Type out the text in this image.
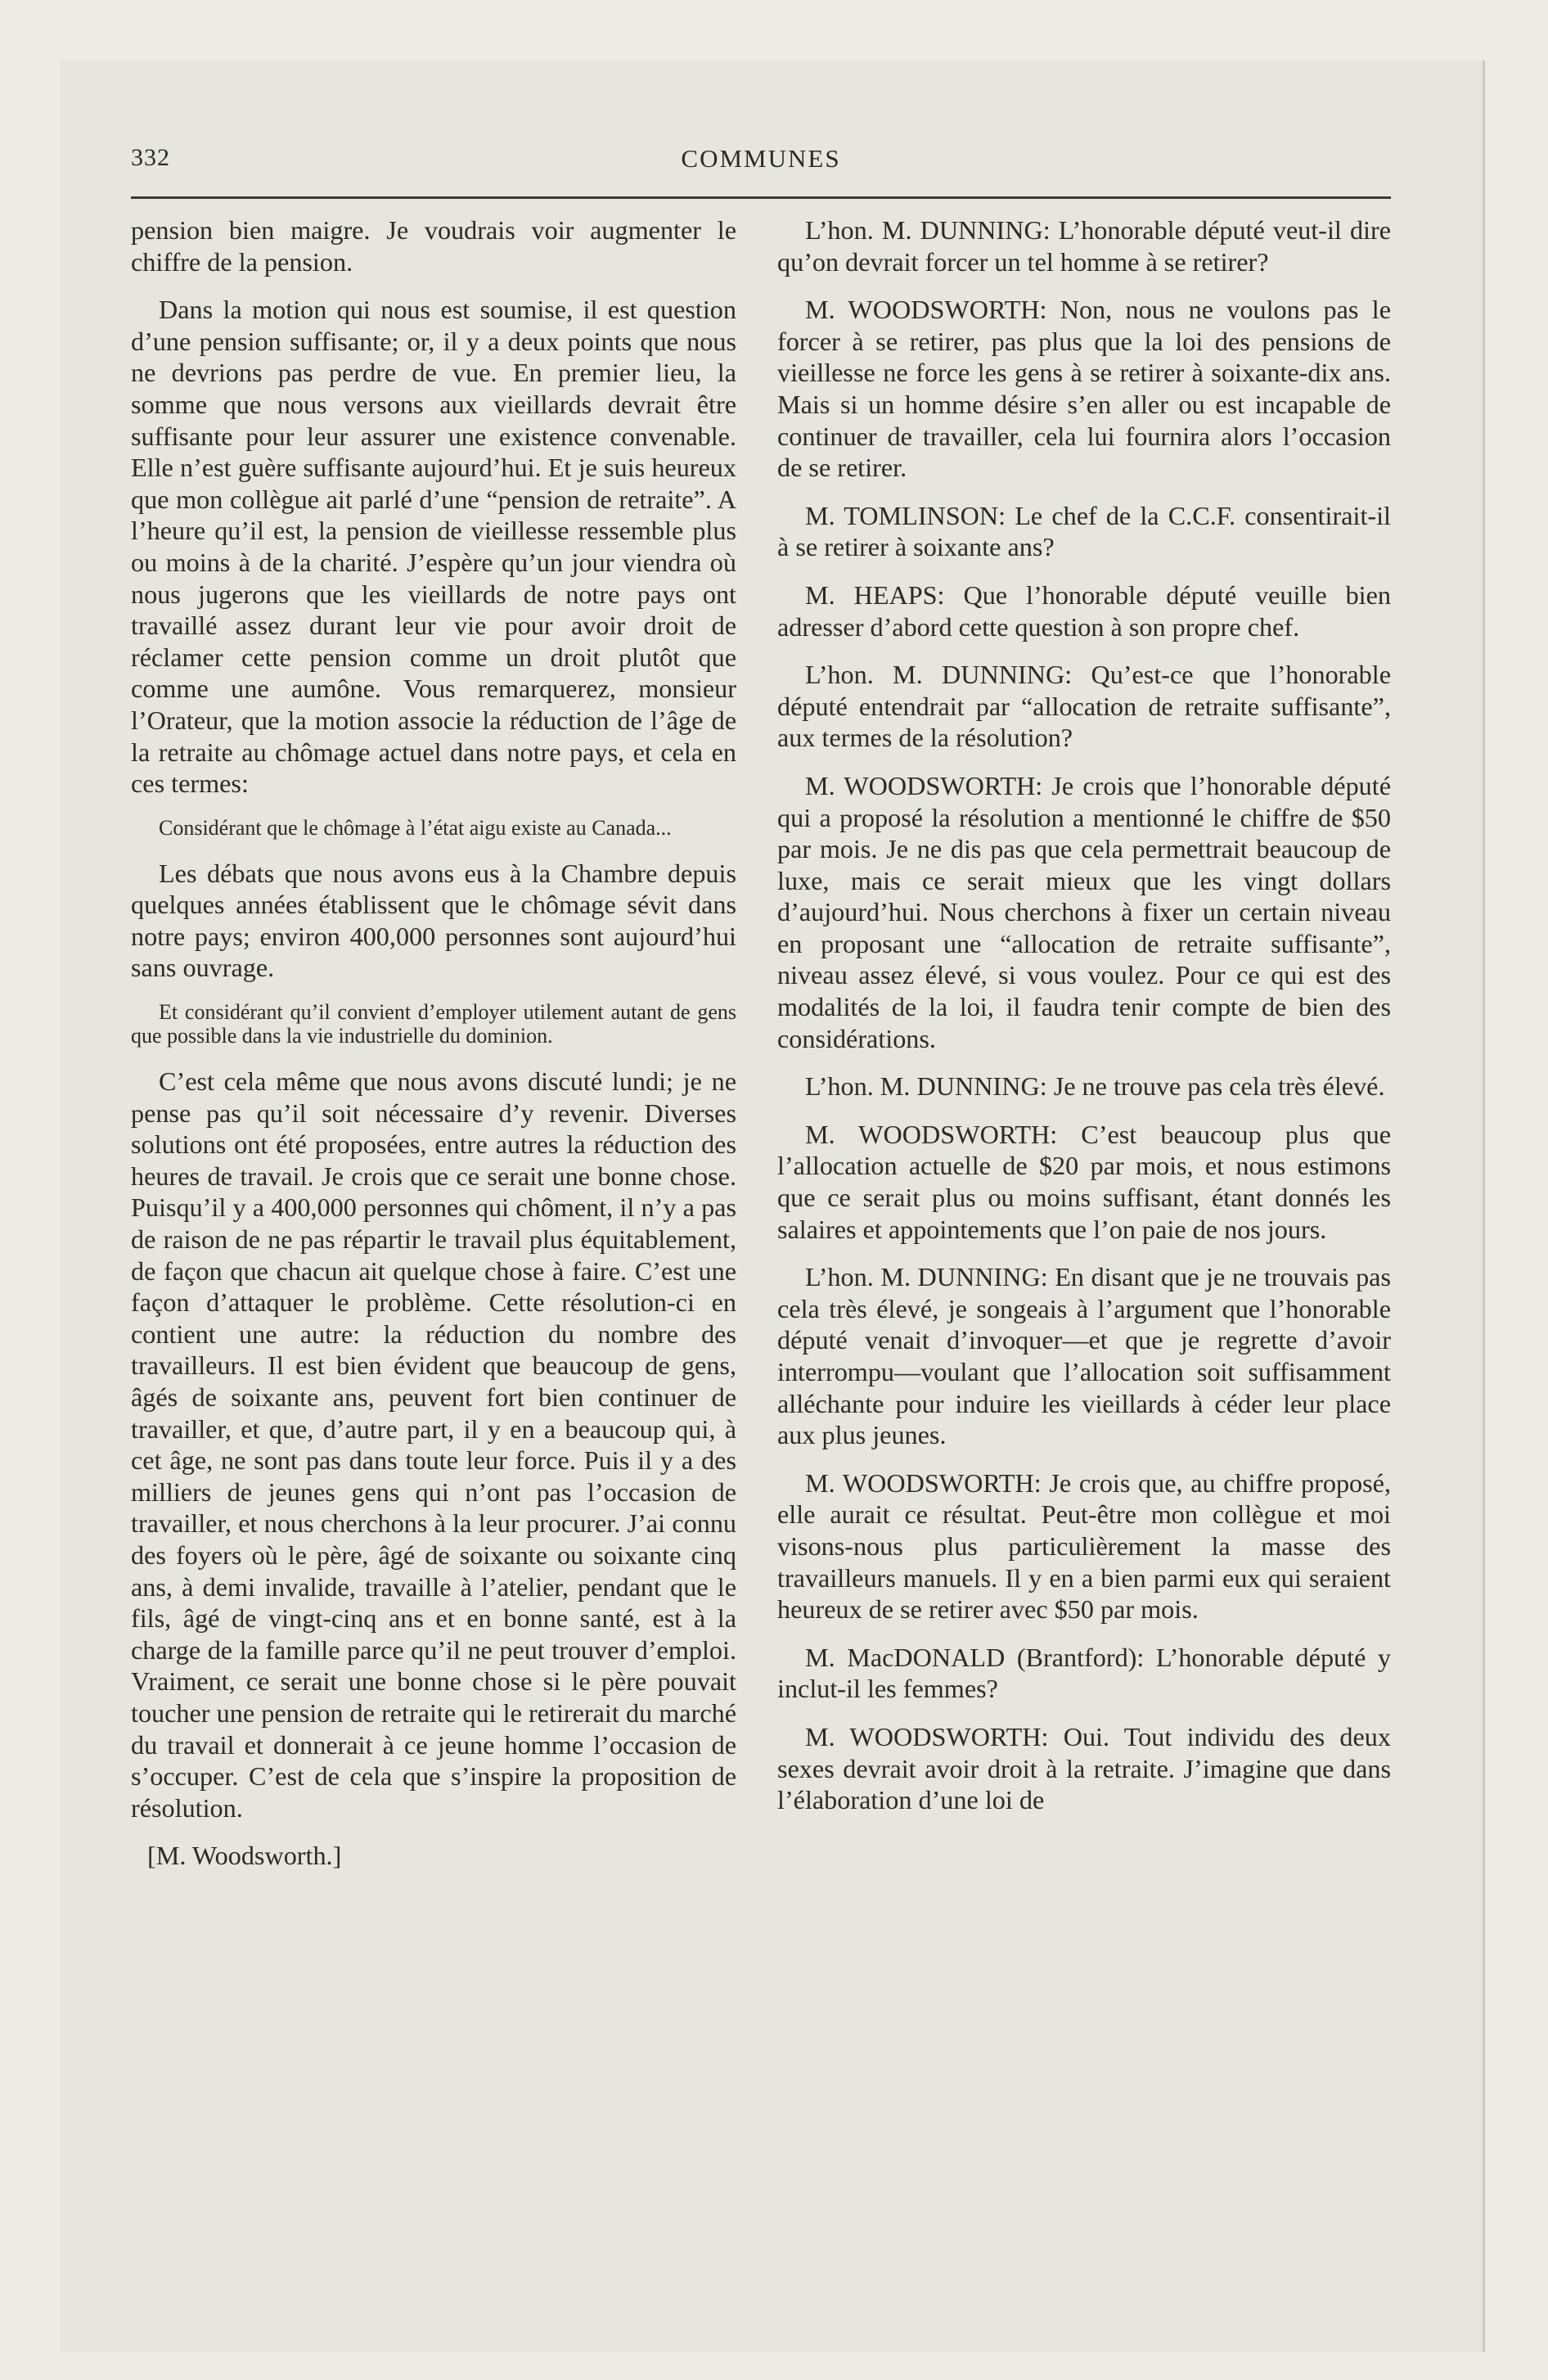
332	COMMUNES

pension bien maigre. Je voudrais voir augmenter le chiffre de la pension.

Dans la motion qui nous est soumise, il est question d’une pension suffisante; or, il y a deux points que nous ne devrions pas perdre de vue. En premier lieu, la somme que nous versons aux vieillards devrait être suffisante pour leur assurer une existence convenable. Elle n’est guère suffisante aujourd’hui. Et je suis heureux que mon collègue ait parlé d’une “pension de retraite”. A l’heure qu’il est, la pension de vieillesse ressemble plus ou moins à de la charité. J’espère qu’un jour viendra où nous jugerons que les vieillards de notre pays ont travaillé assez durant leur vie pour avoir droit de réclamer cette pension comme un droit plutôt que comme une aumône. Vous remarquerez, monsieur l’Orateur, que la motion associe la réduction de l’âge de la retraite au chômage actuel dans notre pays, et cela en ces termes:

Considérant que le chômage à l’état aigu existe au Canada...

Les débats que nous avons eus à la Chambre depuis quelques années établissent que le chômage sévit dans notre pays; environ 400,000 personnes sont aujourd’hui sans ouvrage.

Et considérant qu’il convient d’employer utilement autant de gens que possible dans la vie industrielle du dominion.

C’est cela même que nous avons discuté lundi; je ne pense pas qu’il soit nécessaire d’y revenir. Diverses solutions ont été proposées, entre autres la réduction des heures de travail. Je crois que ce serait une bonne chose. Puisqu’il y a 400,000 personnes qui chôment, il n’y a pas de raison de ne pas répartir le travail plus équitablement, de façon que chacun ait quelque chose à faire. C’est une façon d’attaquer le problème. Cette résolution-ci en contient une autre: la réduction du nombre des travailleurs. Il est bien évident que beaucoup de gens, âgés de soixante ans, peuvent fort bien continuer de travailler, et que, d’autre part, il y en a beaucoup qui, à cet âge, ne sont pas dans toute leur force. Puis il y a des milliers de jeunes gens qui n’ont pas l’occasion de travailler, et nous cherchons à la leur procurer. J’ai connu des foyers où le père, âgé de soixante ou soixante cinq ans, à demi invalide, travaille à l’atelier, pendant que le fils, âgé de vingt-cinq ans et en bonne santé, est à la charge de la famille parce qu’il ne peut trouver d’emploi. Vraiment, ce serait une bonne chose si le père pouvait toucher une pension de retraite qui le retirerait du marché du travail et donnerait à ce jeune homme l’occasion de s’occuper. C’est de cela que s’inspire la proposition de résolution.

[M. Woodsworth.]

L’hon. M. DUNNING: L’honorable député veut-il dire qu’on devrait forcer un tel homme à se retirer?

M. WOODSWORTH: Non, nous ne voulons pas le forcer à se retirer, pas plus que la loi des pensions de vieillesse ne force les gens à se retirer à soixante-dix ans. Mais si un homme désire s’en aller ou est incapable de continuer de travailler, cela lui fournira alors l’occasion de se retirer.

M. TOMLINSON: Le chef de la C.C.F. consentirait-il à se retirer à soixante ans?

M. HEAPS: Que l’honorable député veuille bien adresser d’abord cette question à son propre chef.

L’hon. M. DUNNING: Qu’est-ce que l’honorable député entendrait par “allocation de retraite suffisante”, aux termes de la résolution?

M. WOODSWORTH: Je crois que l’honorable député qui a proposé la résolution a mentionné le chiffre de $50 par mois. Je ne dis pas que cela permettrait beaucoup de luxe, mais ce serait mieux que les vingt dollars d’aujourd’hui. Nous cherchons à fixer un certain niveau en proposant une “allocation de retraite suffisante”, niveau assez élevé, si vous voulez. Pour ce qui est des modalités de la loi, il faudra tenir compte de bien des considérations.

L’hon. M. DUNNING: Je ne trouve pas cela très élevé.

M. WOODSWORTH: C’est beaucoup plus que l’allocation actuelle de $20 par mois, et nous estimons que ce serait plus ou moins suffisant, étant donnés les salaires et appointements que l’on paie de nos jours.

L’hon. M. DUNNING: En disant que je ne trouvais pas cela très élevé, je songeais à l’argument que l’honorable député venait d’invoquer—et que je regrette d’avoir interrompu—voulant que l’allocation soit suffisamment alléchante pour induire les vieillards à céder leur place aux plus jeunes.

M. WOODSWORTH: Je crois que, au chiffre proposé, elle aurait ce résultat. Peut-être mon collègue et moi visons-nous plus particulièrement la masse des travailleurs manuels. Il y en a bien parmi eux qui seraient heureux de se retirer avec $50 par mois.

M. MacDONALD (Brantford): L’honorable député y inclut-il les femmes?

M. WOODSWORTH: Oui. Tout individu des deux sexes devrait avoir droit à la retraite. J’imagine que dans l’élaboration d’une loi de
